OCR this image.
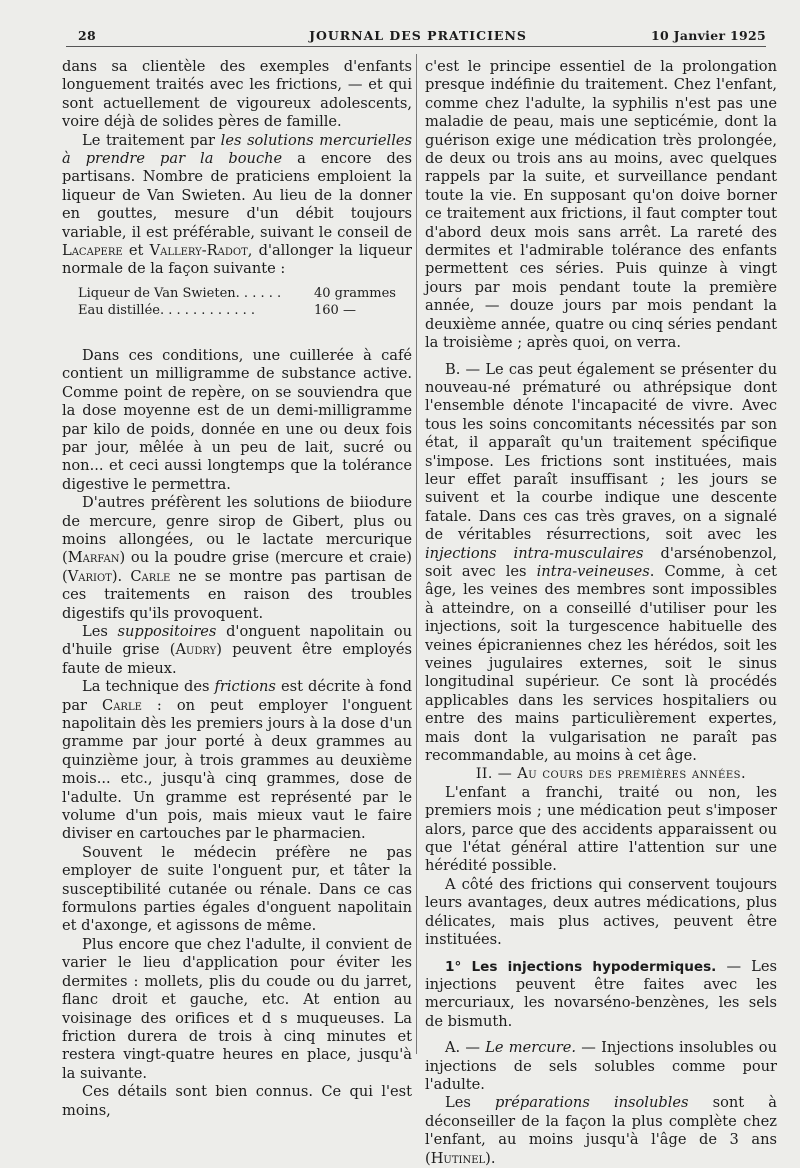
28	JOURNAL DES PRATICIENS	10 Janvier 1925

dans sa clientèle des exemples d'enfants longuement traités avec les frictions, — et qui sont actuellement de vigoureux adolescents, voire déjà de solides pères de famille.

Le traitement par les solutions mercurielles à prendre par la bouche a encore des partisans. Nombre de praticiens emploient la liqueur de Van Swieten. Au lieu de la donner en gouttes, mesure d'un débit toujours variable, il est préférable, suivant le conseil de Lacapere et Vallery-Radot, d'allonger la liqueur normale de la façon suivante :

Liqueur de Van Swieten. . . . . .	40 grammes
Eau distillée. . . . . . . . . . . .	160 —

Dans ces conditions, une cuillerée à café contient un milligramme de substance active. Comme point de repère, on se souviendra que la dose moyenne est de un demi-milligramme par kilo de poids, donnée en une ou deux fois par jour, mêlée à un peu de lait, sucré ou non... et ceci aussi longtemps que la tolérance digestive le permettra.

D'autres préfèrent les solutions de biiodure de mercure, genre sirop de Gibert, plus ou moins allongées, ou le lactate mercurique (Marfan) ou la poudre grise (mercure et craie) (Variot). Carle ne se montre pas partisan de ces traitements en raison des troubles digestifs qu'ils provoquent.

Les suppositoires d'onguent napolitain ou d'huile grise (Audry) peuvent être employés faute de mieux.

La technique des frictions est décrite à fond par Carle : on peut employer l'onguent napolitain dès les premiers jours à la dose d'un gramme par jour porté à deux grammes au quinzième jour, à trois grammes au deuxième mois... etc., jusqu'à cinq grammes, dose de l'adulte. Un gramme est représenté par le volume d'un pois, mais mieux vaut le faire diviser en cartouches par le pharmacien.

Souvent le médecin préfère ne pas employer de suite l'onguent pur, et tâter la susceptibilité cutanée ou rénale. Dans ce cas formulons parties égales d'onguent napolitain et d'axonge, et agissons de même.

Plus encore que chez l'adulte, il convient de varier le lieu d'application pour éviter les dermites : mollets, plis du coude ou du jarret, flanc droit et gauche, etc. At ention au voisinage des orifices et d s muqueuses. La friction durera de trois à cinq minutes et restera vingt-quatre heures en place, jusqu'à la suivante.

Ces détails sont bien connus. Ce qui l'est moins,

c'est le principe essentiel de la prolongation presque indéfinie du traitement. Chez l'enfant, comme chez l'adulte, la syphilis n'est pas une maladie de peau, mais une septicémie, dont la guérison exige une médication très prolongée, de deux ou trois ans au moins, avec quelques rappels par la suite, et surveillance pendant toute la vie. En supposant qu'on doive borner ce traitement aux frictions, il faut compter tout d'abord deux mois sans arrêt. La rareté des dermites et l'admirable tolérance des enfants permettent ces séries. Puis quinze à vingt jours par mois pendant toute la première année, — douze jours par mois pendant la deuxième année, quatre ou cinq séries pendant la troisième ; après quoi, on verra.

B. — Le cas peut également se présenter du nouveau-né prématuré ou athrépsique dont l'ensemble dénote l'incapacité de vivre. Avec tous les soins concomitants nécessités par son état, il apparaît qu'un traitement spécifique s'impose. Les frictions sont instituées, mais leur effet paraît insuffisant ; les jours se suivent et la courbe indique une descente fatale. Dans ces cas très graves, on a signalé de véritables résurrections, soit avec les injections intra-musculaires d'arsénobenzol, soit avec les intra-veineuses. Comme, à cet âge, les veines des membres sont impossibles à atteindre, on a conseillé d'utiliser pour les injections, soit la turgescence habituelle des veines épicraniennes chez les hérédos, soit les veines jugulaires externes, soit le sinus longitudinal supérieur. Ce sont là procédés applicables dans les services hospitaliers ou entre des mains particulièrement expertes, mais dont la vulgarisation ne paraît pas recommandable, au moins à cet âge.

II. — Au cours des premières années.

L'enfant a franchi, traité ou non, les premiers mois ; une médication peut s'imposer alors, parce que des accidents apparaissent ou que l'état général attire l'attention sur une hérédité possible.

A côté des frictions qui conservent toujours leurs avantages, deux autres médications, plus délicates, mais plus actives, peuvent être instituées.

1° Les injections hypodermiques. — Les injections peuvent être faites avec les mercuriaux, les novarséno-benzènes, les sels de bismuth.

A. — Le mercure. — Injections insolubles ou injections de sels solubles comme pour l'adulte.

Les préparations insolubles sont à déconseiller de la façon la plus complète chez l'enfant, au moins jusqu'à l'âge de 3 ans (Hutinel).
